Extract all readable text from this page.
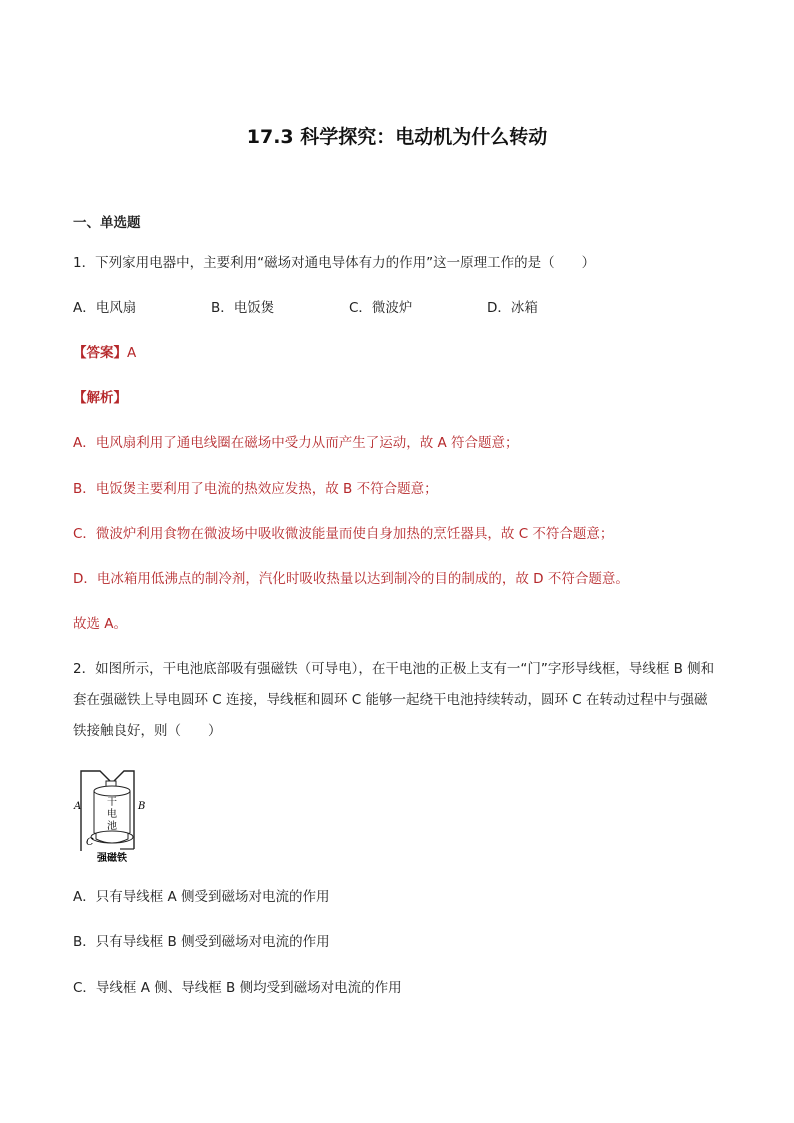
17.3 科学探究：电动机为什么转动
一、单选题
1．下列家用电器中，主要利用“磁场对通电导体有力的作用”这一原理工作的是（　　）
A．电风扇	B．电饭煲	C．微波炉	D．冰箱
【答案】A
【解析】
A．电风扇利用了通电线圈在磁场中受力从而产生了运动，故 A 符合题意；
B．电饭煲主要利用了电流的热效应发热，故 B 不符合题意；
C．微波炉利用食物在微波场中吸收微波能量而使自身加热的烹饪器具，故 C 不符合题意；
D．电冰箱用低沸点的制冷剂，汽化时吸收热量以达到制冷的目的制成的，故 D 不符合题意。
故选 A。
2．如图所示，干电池底部吸有强磁铁（可导电），在干电池的正极上支有一“门”字形导线框，导线框 B 侧和
套在强磁铁上导电圆环 C 连接，导线框和圆环 C 能够一起绕干电池持续转动，圆环 C 在转动过程中与强磁
铁接触良好，则（　　）
干
电
池
A	B
C
强磁铁
A．只有导线框 A 侧受到磁场对电流的作用
B．只有导线框 B 侧受到磁场对电流的作用
C．导线框 A 侧、导线框 B 侧均受到磁场对电流的作用
